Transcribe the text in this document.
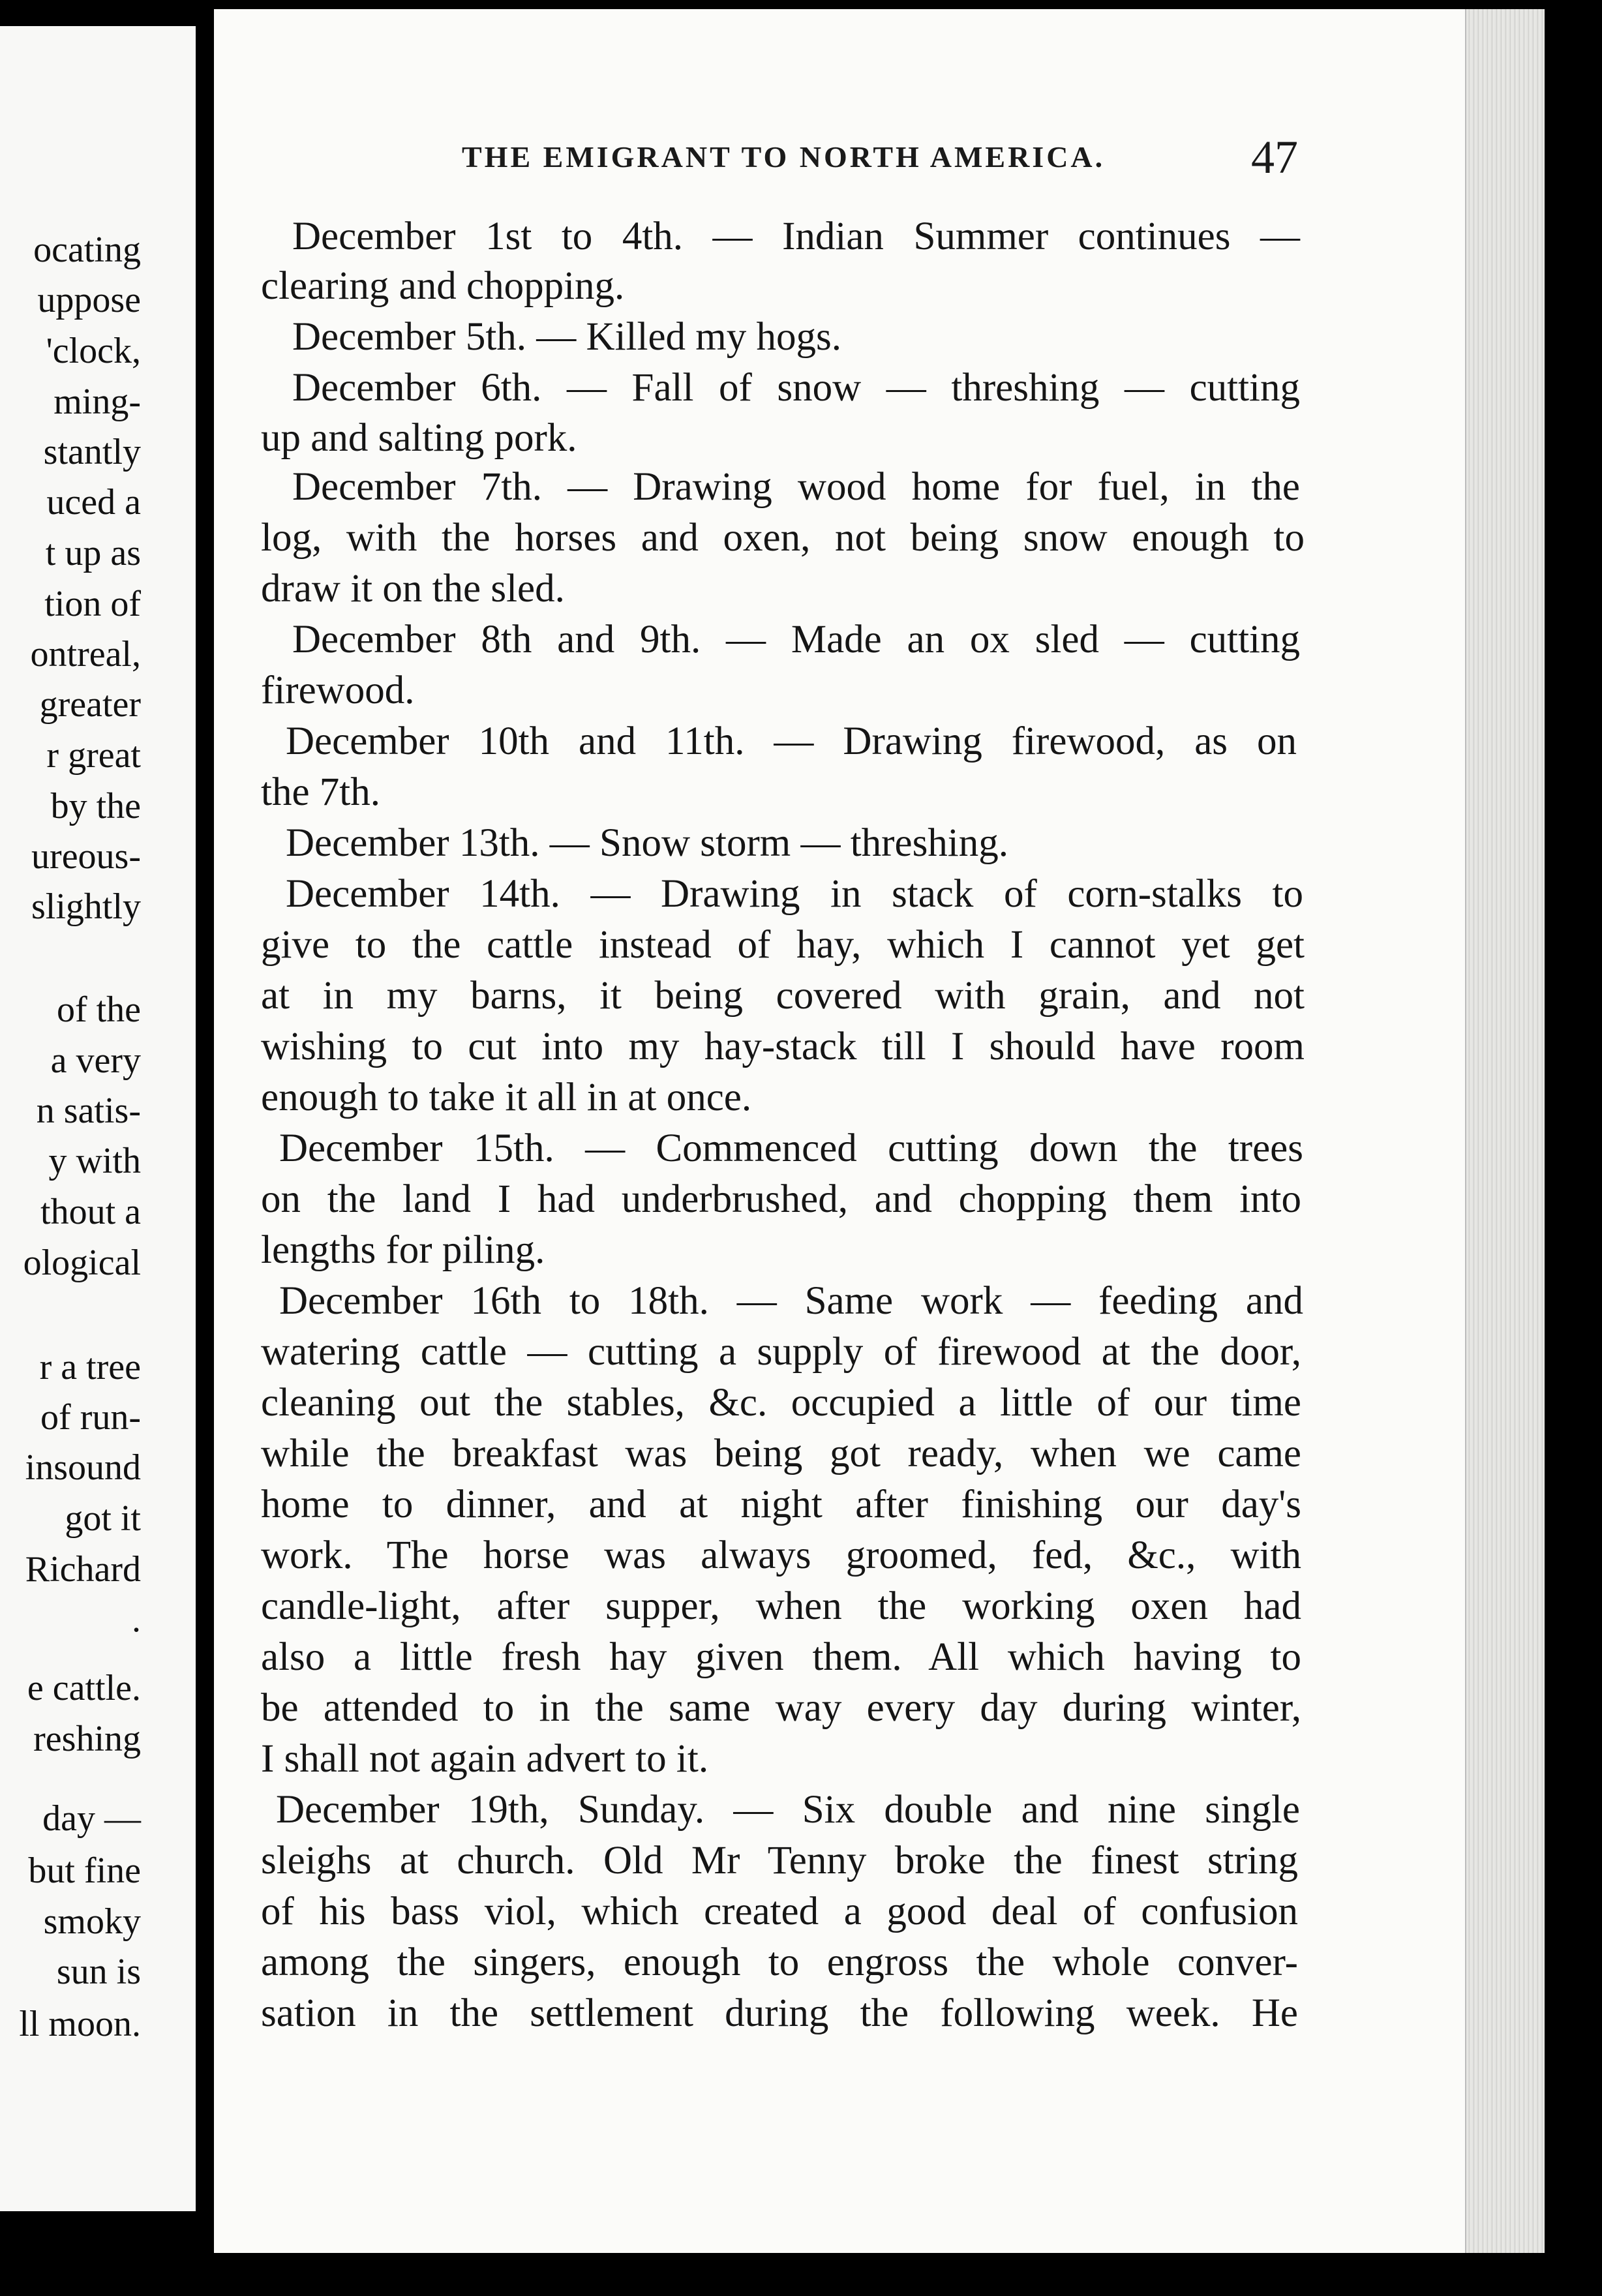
ocating
uppose
'clock,
ming-
stantly
uced a
t up as
tion of
ontreal,
greater
r great
by the
ureous-
slightly
of the
a very
n satis-
y with
thout a
ological
r a tree
of run-
insound
got it
Richard
.
e cattle.
reshing
day —
but fine
smoky
sun is
ll moon.
THE EMIGRANT TO NORTH AMERICA.	47
December 1st to 4th. — Indian Summer continues —
clearing and chopping.
December 5th. — Killed my hogs.
December 6th. — Fall of snow — threshing — cutting
up and salting pork.
December 7th. — Drawing wood home for fuel, in the
log, with the horses and oxen, not being snow enough to
draw it on the sled.
December 8th and 9th. — Made an ox sled — cutting
firewood.
December 10th and 11th. — Drawing firewood, as on
the 7th.
December 13th. — Snow storm — threshing.
December 14th. — Drawing in stack of corn-stalks to
give to the cattle instead of hay, which I cannot yet get
at in my barns, it being covered with grain, and not
wishing to cut into my hay-stack till I should have room
enough to take it all in at once.
December 15th. — Commenced cutting down the trees
on the land I had underbrushed, and chopping them into
lengths for piling.
December 16th to 18th. — Same work — feeding and
watering cattle — cutting a supply of firewood at the door,
cleaning out the stables, &c. occupied a little of our time
while the breakfast was being got ready, when we came
home to dinner, and at night after finishing our day's
work. The horse was always groomed, fed, &c., with
candle-light, after supper, when the working oxen had
also a little fresh hay given them. All which having to
be attended to in the same way every day during winter,
I shall not again advert to it.
December 19th, Sunday. — Six double and nine single
sleighs at church. Old Mr Tenny broke the finest string
of his bass viol, which created a good deal of confusion
among the singers, enough to engross the whole conver-
sation in the settlement during the following week. He
